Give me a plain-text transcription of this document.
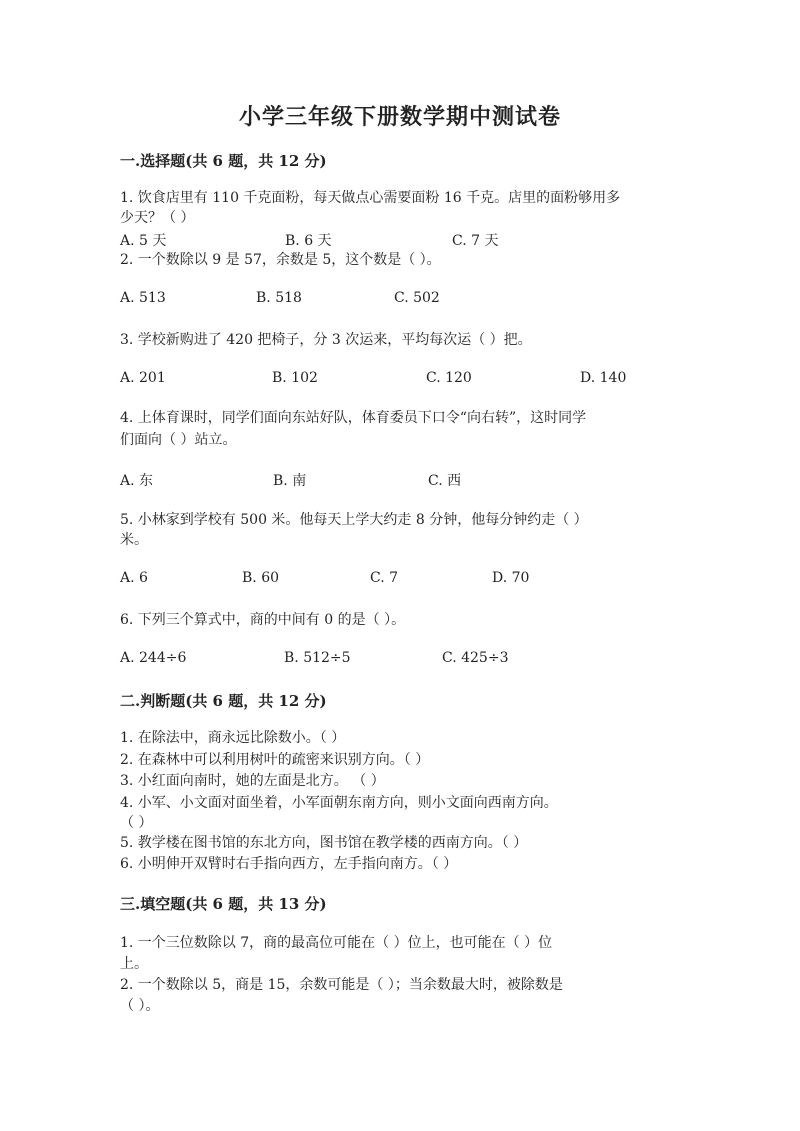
小学三年级下册数学期中测试卷
一.选择题(共 6 题，共 12 分)
1. 饮食店里有 110 千克面粉，每天做点心需要面粉 16 千克。店里的面粉够用多
少天？（ ）
A. 5 天	B. 6 天	C. 7 天
2. 一个数除以 9 是 57，余数是 5，这个数是（ ）。
A. 513	B. 518	C. 502
3. 学校新购进了 420 把椅子，分 3 次运来，平均每次运（ ）把。
A. 201	B. 102	C. 120	D. 140
4. 上体育课时，同学们面向东站好队，体育委员下口令“向右转”，这时同学
们面向（ ）站立。
A. 东	B. 南	C. 西
5. 小林家到学校有 500 米。他每天上学大约走 8 分钟，他每分钟约走（ ）
米。
A. 6	B. 60	C. 7	D. 70
6. 下列三个算式中，商的中间有 0 的是（ ）。
A. 244÷6	B. 512÷5	C. 425÷3
二.判断题(共 6 题，共 12 分)
1. 在除法中，商永远比除数小。（ ）
2. 在森林中可以利用树叶的疏密来识别方向。（ ）
3. 小红面向南时，她的左面是北方。 （ ）
4. 小军、小文面对面坐着，小军面朝东南方向，则小文面向西南方向。
（ ）
5. 教学楼在图书馆的东北方向，图书馆在教学楼的西南方向。（ ）
6. 小明伸开双臂时右手指向西方，左手指向南方。（ ）
三.填空题(共 6 题，共 13 分)
1. 一个三位数除以 7，商的最高位可能在（ ）位上，也可能在（ ）位
上。
2. 一个数除以 5，商是 15，余数可能是（ ）；当余数最大时，被除数是
（ ）。
